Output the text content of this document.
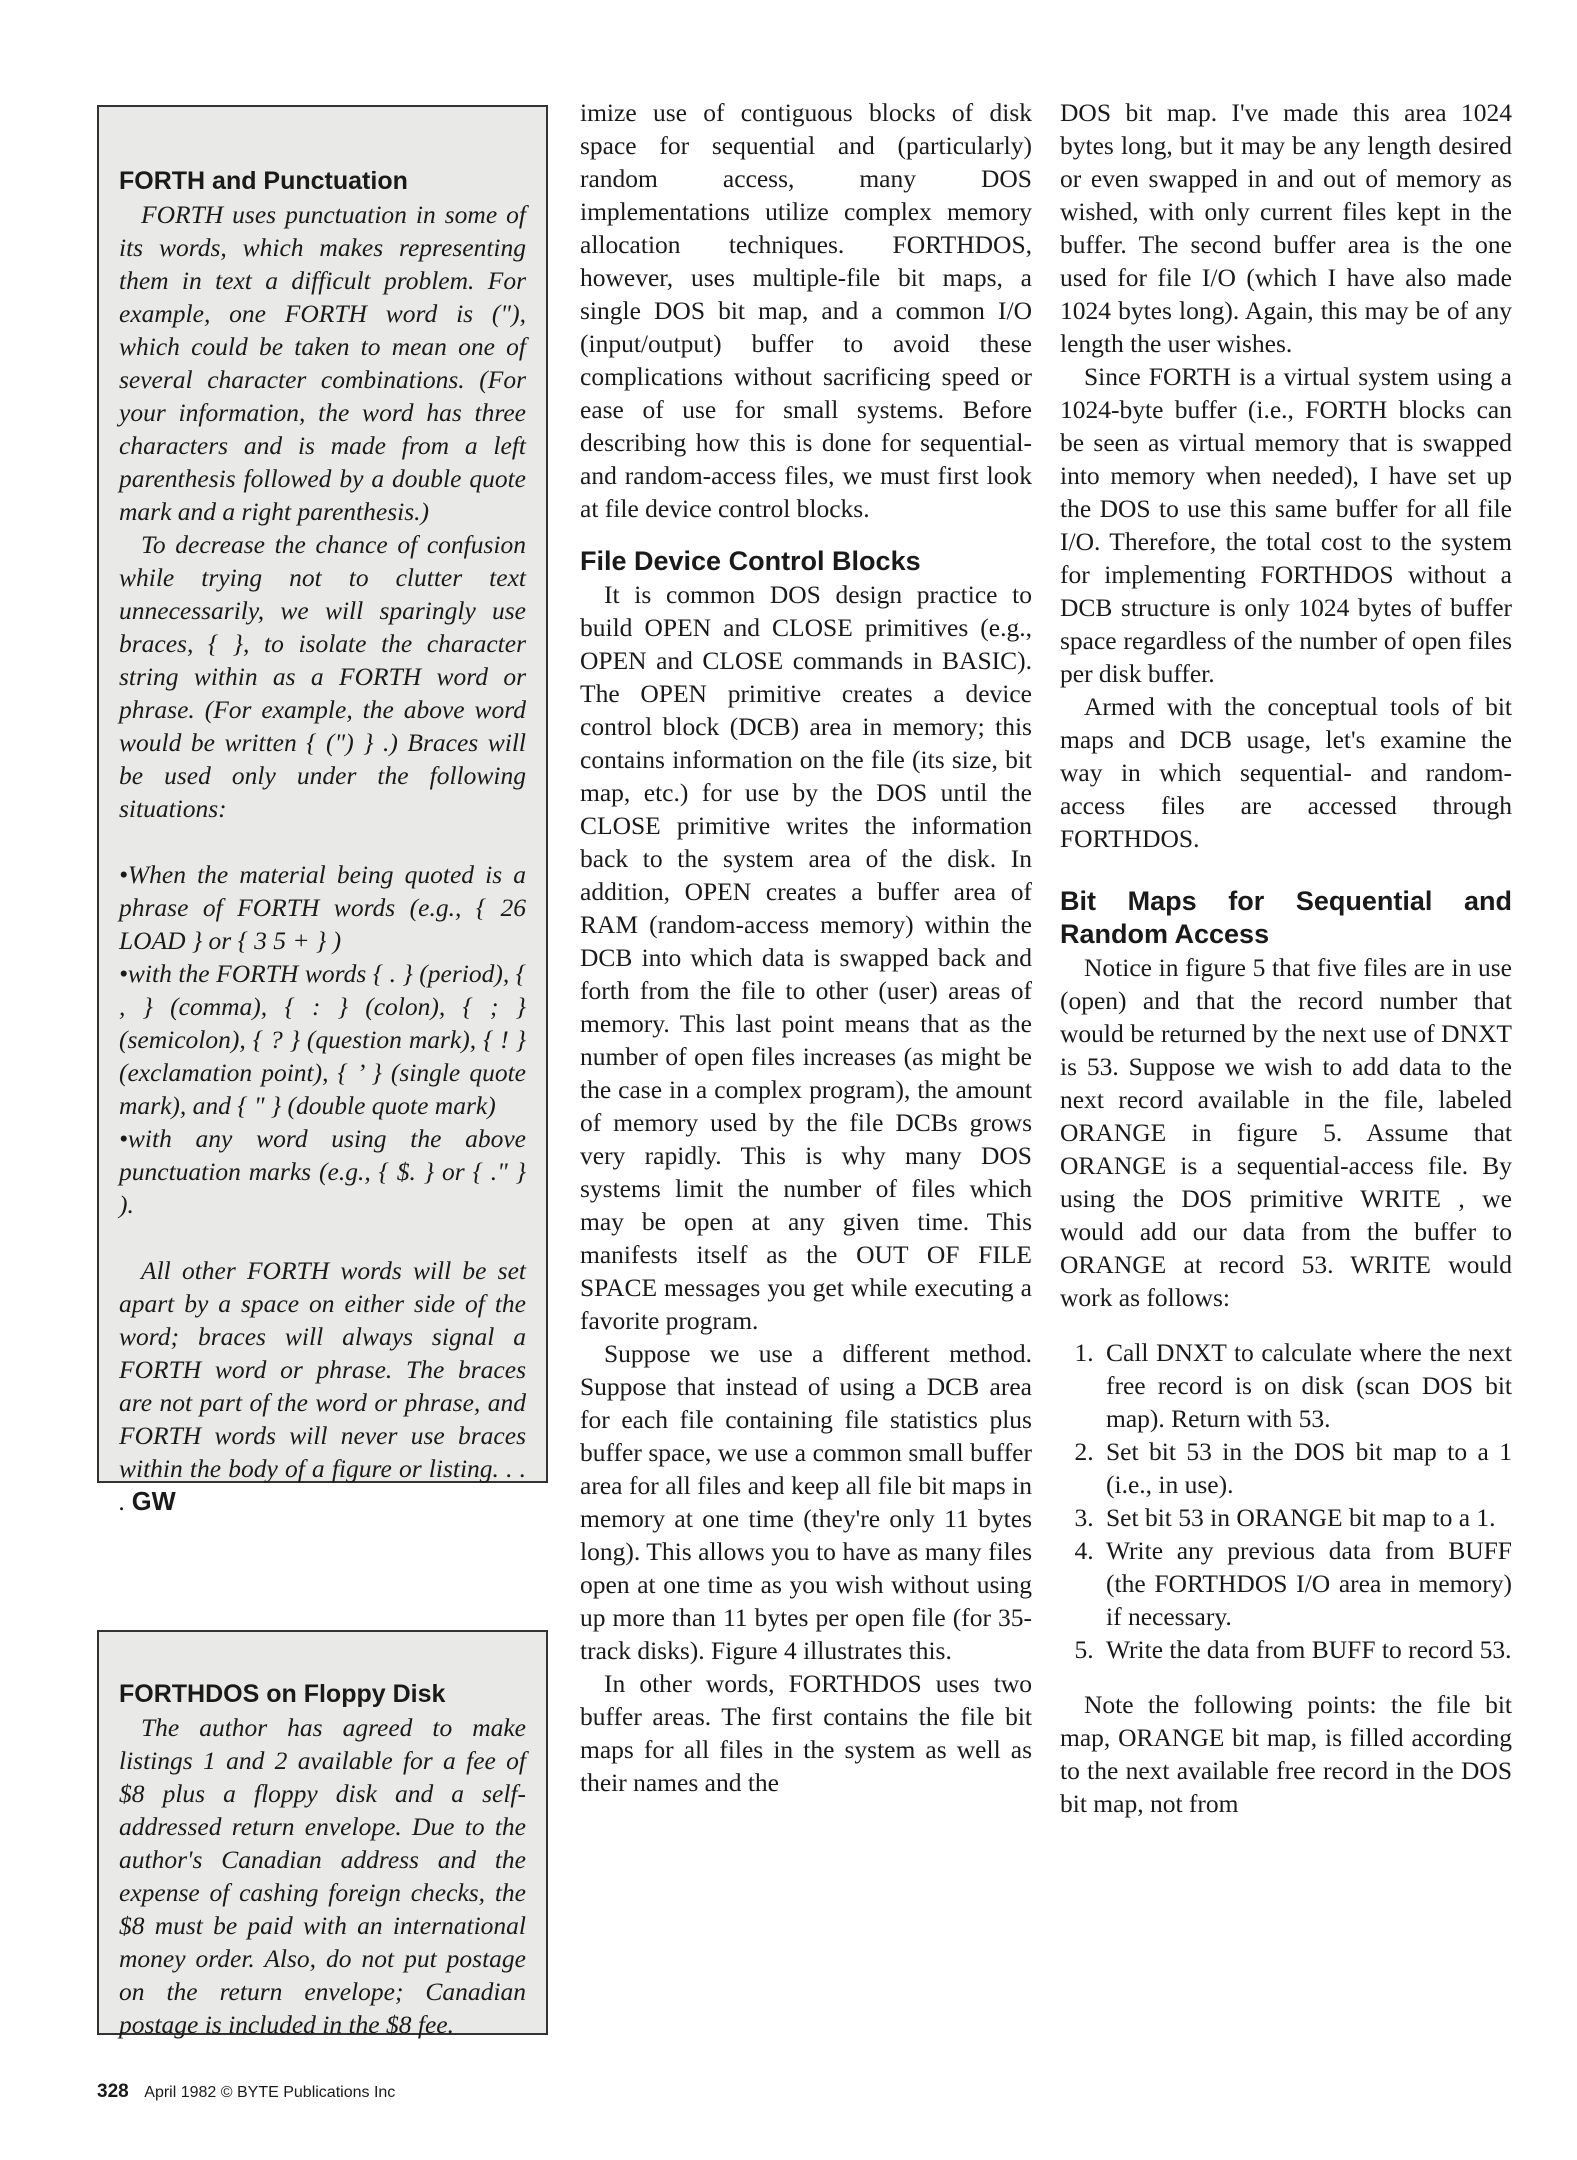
FORTH and Punctuation

FORTH uses punctuation in some of its words, which makes representing them in text a difficult problem. For example, one FORTH word is ("), which could be taken to mean one of several character combinations. (For your information, the word has three characters and is made from a left parenthesis followed by a double quote mark and a right parenthesis.)

To decrease the chance of confusion while trying not to clutter text unnecessarily, we will sparingly use braces, { }, to isolate the character string within as a FORTH word or phrase. (For example, the above word would be written { (") } .) Braces will be used only under the following situations:

•When the material being quoted is a phrase of FORTH words (e.g., { 26 LOAD } or { 3 5 + } )

•with the FORTH words { . } (period), { , } (comma), { : } (colon), { ; } (semicolon), { ? } (question mark), { ! } (exclamation point), { ’ } (single quote mark), and { " } (double quote mark)

•with any word using the above punctuation marks (e.g., { $. } or { ." } ).

All other FORTH words will be set apart by a space on either side of the word; braces will always signal a FORTH word or phrase. The braces are not part of the word or phrase, and FORTH words will never use braces within the body of a figure or listing. . . . GW

FORTHDOS on Floppy Disk

The author has agreed to make listings 1 and 2 available for a fee of $8 plus a floppy disk and a self-addressed return envelope. Due to the author's Canadian address and the expense of cashing foreign checks, the $8 must be paid with an international money order. Also, do not put postage on the return envelope; Canadian postage is included in the $8 fee.

imize use of contiguous blocks of disk space for sequential and (particularly) random access, many DOS implementations utilize complex memory allocation techniques. FORTHDOS, however, uses multiple-file bit maps, a single DOS bit map, and a common I/O (input/output) buffer to avoid these complications without sacrificing speed or ease of use for small systems. Before describing how this is done for sequential- and random-access files, we must first look at file device control blocks.

File Device Control Blocks

It is common DOS design practice to build OPEN and CLOSE primitives (e.g., OPEN and CLOSE commands in BASIC). The OPEN primitive creates a device control block (DCB) area in memory; this contains information on the file (its size, bit map, etc.) for use by the DOS until the CLOSE primitive writes the information back to the system area of the disk. In addition, OPEN creates a buffer area of RAM (random-access memory) within the DCB into which data is swapped back and forth from the file to other (user) areas of memory. This last point means that as the number of open files increases (as might be the case in a complex program), the amount of memory used by the file DCBs grows very rapidly. This is why many DOS systems limit the number of files which may be open at any given time. This manifests itself as the OUT OF FILE SPACE messages you get while executing a favorite program.

Suppose we use a different method. Suppose that instead of using a DCB area for each file containing file statistics plus buffer space, we use a common small buffer area for all files and keep all file bit maps in memory at one time (they're only 11 bytes long). This allows you to have as many files open at one time as you wish without using up more than 11 bytes per open file (for 35-track disks). Figure 4 illustrates this.

In other words, FORTHDOS uses two buffer areas. The first contains the file bit maps for all files in the system as well as their names and the

DOS bit map. I've made this area 1024 bytes long, but it may be any length desired or even swapped in and out of memory as wished, with only current files kept in the buffer. The second buffer area is the one used for file I/O (which I have also made 1024 bytes long). Again, this may be of any length the user wishes.

Since FORTH is a virtual system using a 1024-byte buffer (i.e., FORTH blocks can be seen as virtual memory that is swapped into memory when needed), I have set up the DOS to use this same buffer for all file I/O. Therefore, the total cost to the system for implementing FORTHDOS without a DCB structure is only 1024 bytes of buffer space regardless of the number of open files per disk buffer.

Armed with the conceptual tools of bit maps and DCB usage, let's examine the way in which sequential- and random-access files are accessed through FORTHDOS.

Bit Maps for Sequential and Random Access

Notice in figure 5 that five files are in use (open) and that the record number that would be returned by the next use of DNXT is 53. Suppose we wish to add data to the next record available in the file, labeled ORANGE in figure 5. Assume that ORANGE is a sequential-access file. By using the DOS primitive WRITE , we would add our data from the buffer to ORANGE at record 53. WRITE would work as follows:

1. Call DNXT to calculate where the next free record is on disk (scan DOS bit map). Return with 53.
2. Set bit 53 in the DOS bit map to a 1 (i.e., in use).
3. Set bit 53 in ORANGE bit map to a 1.
4. Write any previous data from BUFF (the FORTHDOS I/O area in memory) if necessary.
5. Write the data from BUFF to record 53.

Note the following points: the file bit map, ORANGE bit map, is filled according to the next available free record in the DOS bit map, not from

328 April 1982 © BYTE Publications Inc
